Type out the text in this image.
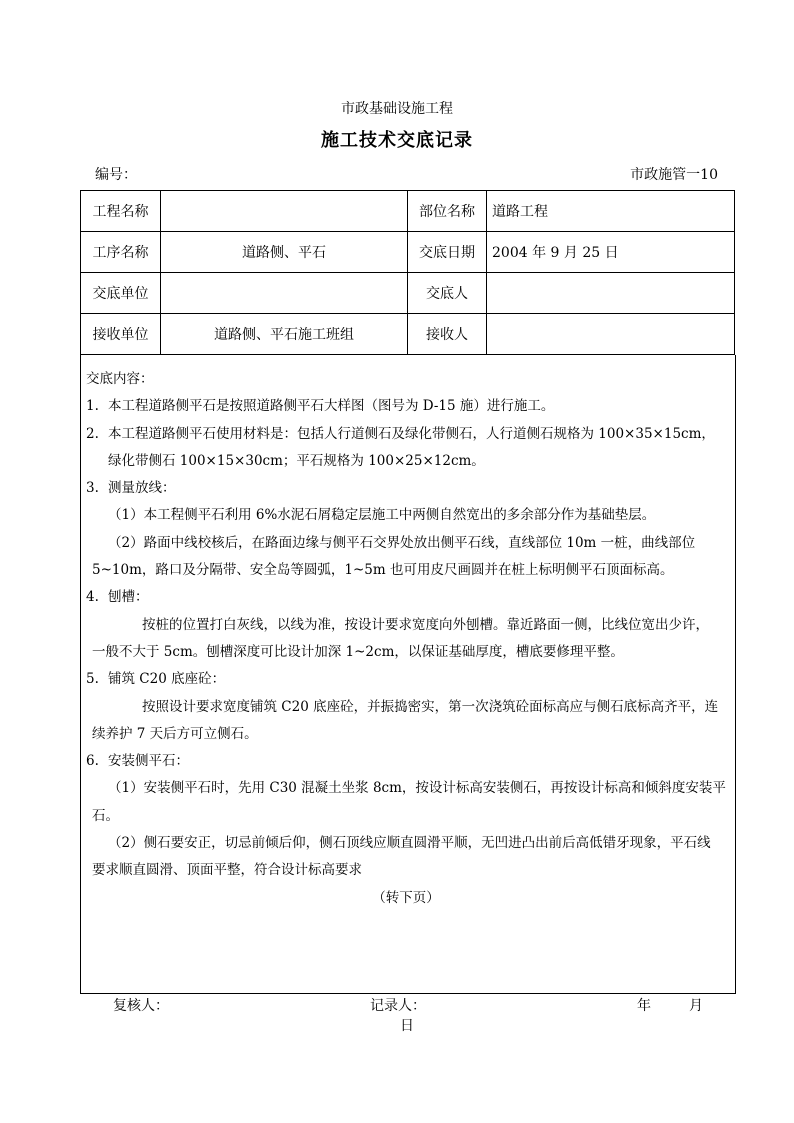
市政基础设施工程
施工技术交底记录
编号：	市政施管一10
工程名称		部位名称	道路工程
工序名称	道路侧、平石	交底日期	2004 年 9 月 25 日
交底单位		交底人	
接收单位	道路侧、平石施工班组	接收人	

交底内容：

1. 本工程道路侧平石是按照道路侧平石大样图（图号为 D-15 施）进行施工。

2. 本工程道路侧平石使用材料是：包括人行道侧石及绿化带侧石，人行道侧石规格为 100×35×15cm，

绿化带侧石 100×15×30cm；平石规格为 100×25×12cm。

3. 测量放线：

（1）本工程侧平石利用 6%水泥石屑稳定层施工中两侧自然宽出的多余部分作为基础垫层。

（2）路面中线校核后，在路面边缘与侧平石交界处放出侧平石线，直线部位 10m 一桩，曲线部位

5~10m，路口及分隔带、安全岛等圆弧，1~5m 也可用皮尺画圆并在桩上标明侧平石顶面标高。

4. 刨槽：

按桩的位置打白灰线，以线为准，按设计要求宽度向外刨槽。靠近路面一侧，比线位宽出少许，

一般不大于 5cm。刨槽深度可比设计加深 1~2cm，以保证基础厚度，槽底要修理平整。

5. 铺筑 C20 底座砼：

按照设计要求宽度铺筑 C20 底座砼，并振捣密实，第一次浇筑砼面标高应与侧石底标高齐平，连

续养护 7 天后方可立侧石。

6. 安装侧平石：

（1）安装侧平石时，先用 C30 混凝土坐浆 8cm，按设计标高安装侧石，再按设计标高和倾斜度安装平

石。

（2）侧石要安正，切忌前倾后仰，侧石顶线应顺直圆滑平顺，无凹进凸出前后高低错牙现象，平石线

要求顺直圆滑、顶面平整，符合设计标高要求

（转下页）

复核人：	记录人：	年	月
日
